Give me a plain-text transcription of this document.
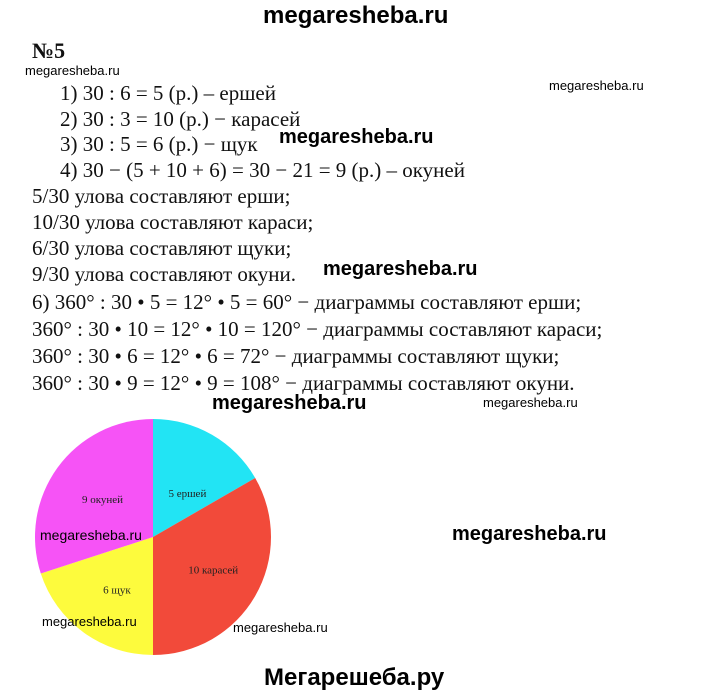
megaresheba.ru
№5
megaresheba.ru
megaresheba.ru
1) 30 : 6 = 5 (р.) – ершей
2) 30 : 3 = 10 (р.) − карасей
3) 30 : 5 = 6 (р.) − щук megaresheba.ru
4) 30 − (5 + 10 + 6) = 30 − 21 = 9 (р.) – окуней
5/30 улова составляют ерши;
10/30 улова составляют караси;
6/30 улова составляют щуки;
9/30 улова составляют окуни. megaresheba.ru
6) 360° : 30 • 5 = 12° • 5 = 60° − диаграммы составляют ерши;
360° : 30 • 10 = 12° • 10 = 120° − диаграммы составляют караси;
360° : 30 • 6 = 12° • 6 = 72° − диаграммы составляют щуки;
360° : 30 • 9 = 12° • 9 = 108° − диаграммы составляют окуни.
megaresheba.ru	megaresheba.ru
5 ершей
10 карасей
6 щук
9 окуней
megaresheba.ru
megaresheba.ru	megaresheba.ru
megaresheba.ru
Мегарешеба.ру
